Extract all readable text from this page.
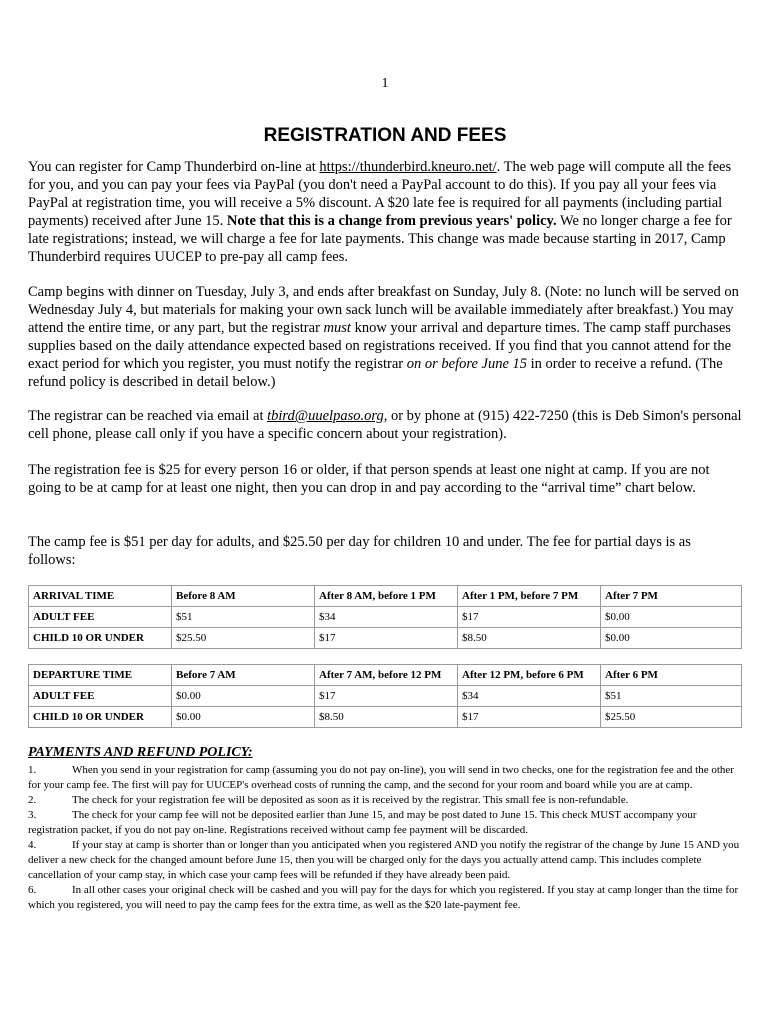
1
REGISTRATION AND FEES
You can register for Camp Thunderbird on-line at https://thunderbird.kneuro.net/. The web page will compute all the fees for you, and you can pay your fees via PayPal (you don't need a PayPal account to do this). If you pay all your fees via PayPal at registration time, you will receive a 5% discount. A $20 late fee is required for all payments (including partial payments) received after June 15. Note that this is a change from previous years' policy. We no longer charge a fee for late registrations; instead, we will charge a fee for late payments. This change was made because starting in 2017, Camp Thunderbird requires UUCEP to pre-pay all camp fees.
Camp begins with dinner on Tuesday, July 3, and ends after breakfast on Sunday, July 8. (Note: no lunch will be served on Wednesday July 4, but materials for making your own sack lunch will be available immediately after breakfast.) You may attend the entire time, or any part, but the registrar must know your arrival and departure times. The camp staff purchases supplies based on the daily attendance expected based on registrations received. If you find that you cannot attend for the exact period for which you register, you must notify the registrar on or before June 15 in order to receive a refund. (The refund policy is described in detail below.)
The registrar can be reached via email at tbird@uuelpaso.org, or by phone at (915) 422-7250 (this is Deb Simon's personal cell phone, please call only if you have a specific concern about your registration).
The registration fee is $25 for every person 16 or older, if that person spends at least one night at camp. If you are not going to be at camp for at least one night, then you can drop in and pay according to the “arrival time” chart below.
The camp fee is $51 per day for adults, and $25.50 per day for children 10 and under. The fee for partial days is as follows:
ARRIVAL TIME	Before 8 AM	After 8 AM, before 1 PM	After 1 PM, before 7 PM	After 7 PM
ADULT FEE	$51	$34	$17	$0.00
CHILD 10 OR UNDER	$25.50	$17	$8.50	$0.00
DEPARTURE TIME	Before 7 AM	After 7 AM, before 12 PM	After 12 PM, before 6 PM	After 6 PM
ADULT FEE	$0.00	$17	$34	$51
CHILD 10 OR UNDER	$0.00	$8.50	$17	$25.50
PAYMENTS AND REFUND POLICY:

1.	When you send in your registration for camp (assuming you do not pay on-line), you will send in two checks, one for the registration fee and the other for your camp fee. The first will pay for UUCEP's overhead costs of running the camp, and the second for your room and board while you are at camp.

2.	The check for your registration fee will be deposited as soon as it is received by the registrar. This small fee is non-refundable.

3.	The check for your camp fee will not be deposited earlier than June 15, and may be post dated to June 15. This check MUST accompany your registration packet, if you do not pay on-line. Registrations received without camp fee payment will be discarded.

4.	If your stay at camp is shorter than or longer than you anticipated when you registered AND you notify the registrar of the change by June 15 AND you deliver a new check for the changed amount before June 15, then you will be charged only for the days you actually attend camp. This includes complete cancellation of your camp stay, in which case your camp fees will be refunded if they have already been paid.

6.	In all other cases your original check will be cashed and you will pay for the days for which you registered. If you stay at camp longer than the time for which you registered, you will need to pay the camp fees for the extra time, as well as the $20 late-payment fee.
